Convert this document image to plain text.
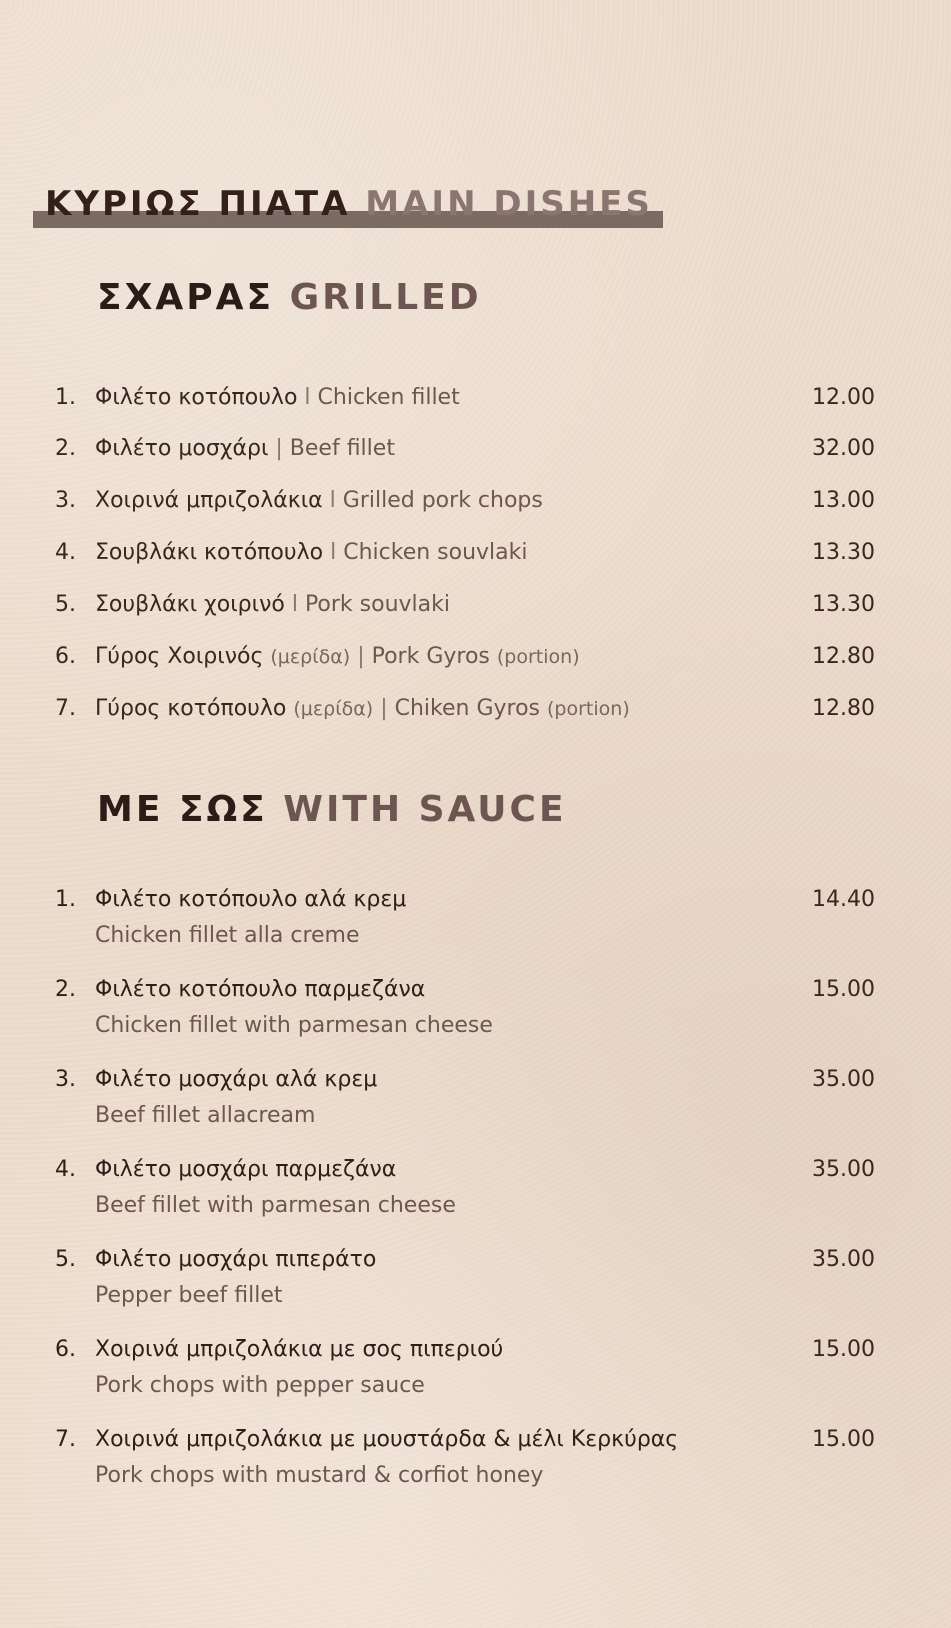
ΚΥΡΙΩΣ ΠΙΑΤΑ MAIN DISHES
ΣΧΑΡΑΣ GRILLED
1. Φιλέτο κοτόπουλο l Chicken fillet	12.00
2. Φιλέτο μοσχάρι | Beef fillet	32.00
3. Χοιρινά μπριζολάκια l Grilled pork chops	13.00
4. Σουβλάκι κοτόπουλο l Chicken souvlaki	13.30
5. Σουβλάκι χοιρινό l Pork souvlaki	13.30
6. Γύρος Χοιρινός (μερίδα) | Pork Gyros (portion)	12.80
7. Γύρος κοτόπουλο (μερίδα) | Chiken Gyros (portion)	12.80
ΜΕ ΣΩΣ WITH SAUCE
1. Φιλέτο κοτόπουλο αλά κρεμ
Chicken fillet alla creme
14.40
2. Φιλέτο κοτόπουλο παρμεζάνα
Chicken fillet with parmesan cheese
15.00
3. Φιλέτο μοσχάρι αλά κρεμ
Beef fillet allacream
35.00
4. Φιλέτο μοσχάρι παρμεζάνα
Beef fillet with parmesan cheese
35.00
5. Φιλέτο μοσχάρι πιπεράτο
Pepper beef fillet
35.00
6. Χοιρινά μπριζολάκια με σος πιπεριού
Pork chops with pepper sauce
15.00
7. Χοιρινά μπριζολάκια με μουστάρδα & μέλι Κερκύρας
Pork chops with mustard & corfiot honey
15.00
